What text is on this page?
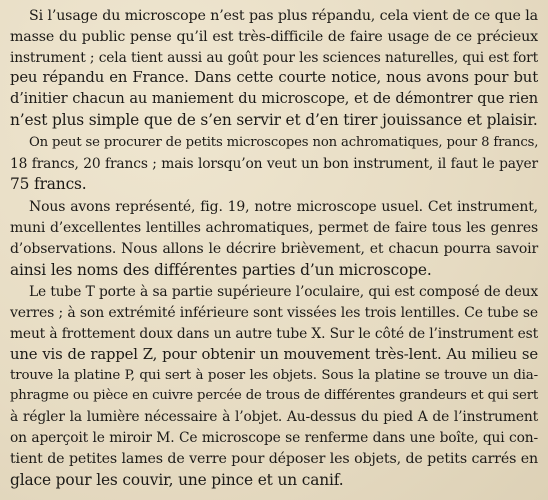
Si l’usage du microscope n’est pas plus répandu, cela vient de ce que la
masse du public pense qu’il est très-difficile de faire usage de ce précieux
instrument ; cela tient aussi au goût pour les sciences naturelles, qui est fort
peu répandu en France. Dans cette courte notice, nous avons pour but
d’initier chacun au maniement du microscope, et de démontrer que rien
n’est plus simple que de s’en servir et d’en tirer jouissance et plaisir.

On peut se procurer de petits microscopes non achromatiques, pour 8 francs,
18 francs, 20 francs ; mais lorsqu’on veut un bon instrument, il faut le payer
75 francs.

Nous avons représenté, fig. 19, notre microscope usuel. Cet instrument,
muni d’excellentes lentilles achromatiques, permet de faire tous les genres
d’observations. Nous allons le décrire brièvement, et chacun pourra savoir
ainsi les noms des différentes parties d’un microscope.

Le tube T porte à sa partie supérieure l’oculaire, qui est composé de deux
verres ; à son extrémité inférieure sont vissées les trois lentilles. Ce tube se
meut à frottement doux dans un autre tube X. Sur le côté de l’instrument est
une vis de rappel Z, pour obtenir un mouvement très-lent. Au milieu se
trouve la platine P, qui sert à poser les objets. Sous la platine se trouve un dia-
phragme ou pièce en cuivre percée de trous de différentes grandeurs et qui sert
à régler la lumière nécessaire à l’objet. Au-dessus du pied A de l’instrument
on aperçoit le miroir M. Ce microscope se renferme dans une boîte, qui con-
tient de petites lames de verre pour déposer les objets, de petits carrés en
glace pour les couvir, une pince et un canif.
